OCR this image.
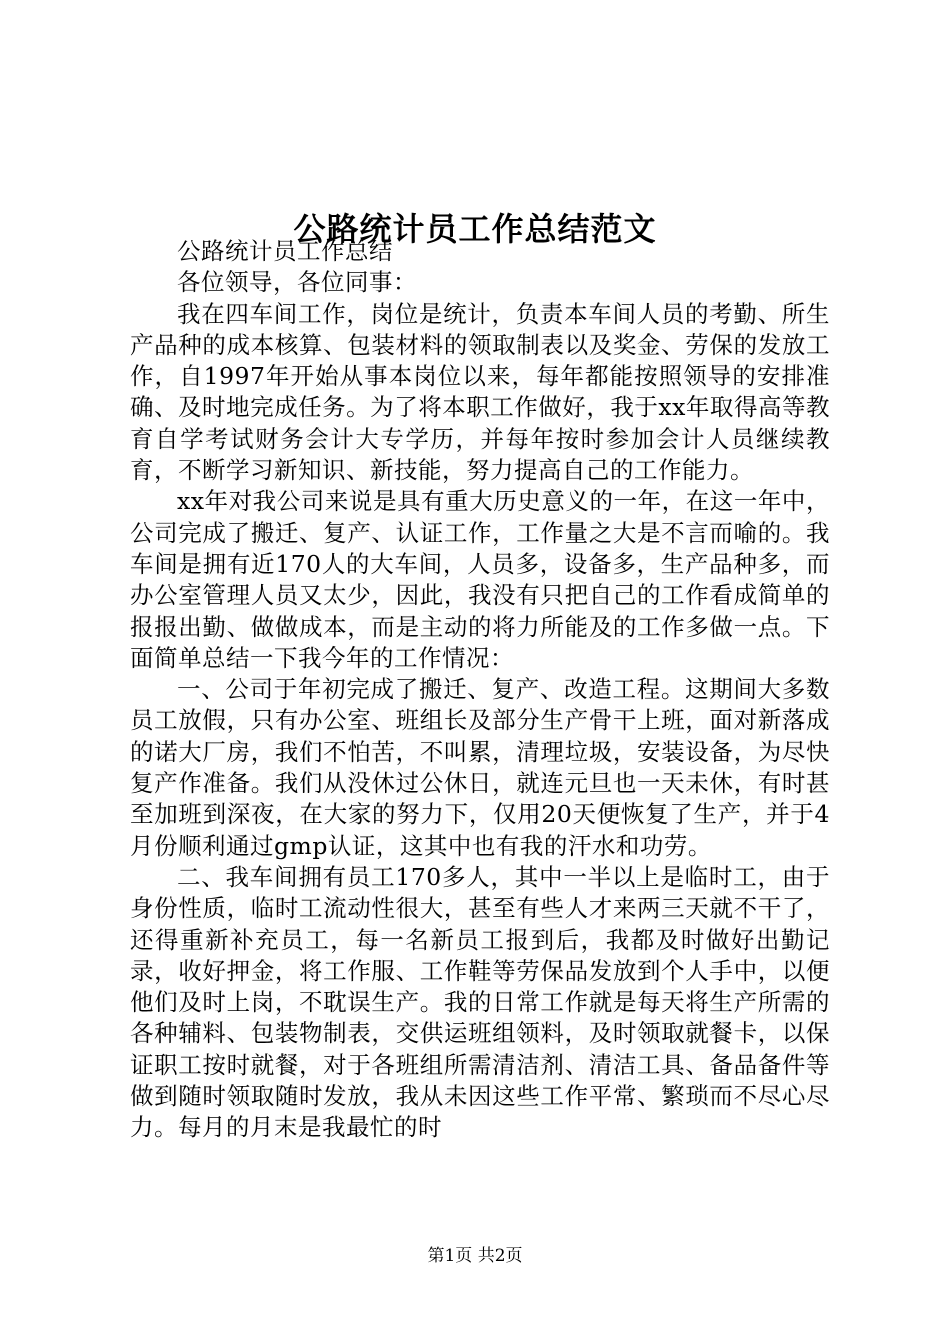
公路统计员工作总结范文

公路统计员工作总结

各位领导，各位同事：

我在四车间工作，岗位是统计，负责本车间人员的考勤、所生产品种的成本核算、包装材料的领取制表以及奖金、劳保的发放工作，自1997年开始从事本岗位以来，每年都能按照领导的安排准确、及时地完成任务。为了将本职工作做好，我于xx年取得高等教育自学考试财务会计大专学历，并每年按时参加会计人员继续教育，不断学习新知识、新技能，努力提高自己的工作能力。

xx年对我公司来说是具有重大历史意义的一年，在这一年中，公司完成了搬迁、复产、认证工作，工作量之大是不言而喻的。我车间是拥有近170人的大车间，人员多，设备多，生产品种多，而办公室管理人员又太少，因此，我没有只把自己的工作看成简单的报报出勤、做做成本，而是主动的将力所能及的工作多做一点。下面简单总结一下我今年的工作情况：

一、公司于年初完成了搬迁、复产、改造工程。这期间大多数员工放假，只有办公室、班组长及部分生产骨干上班，面对新落成的诺大厂房，我们不怕苦，不叫累，清理垃圾，安装设备，为尽快复产作准备。我们从没休过公休日，就连元旦也一天未休，有时甚至加班到深夜，在大家的努力下，仅用20天便恢复了生产，并于4月份顺利通过gmp认证，这其中也有我的汗水和功劳。

二、我车间拥有员工170多人，其中一半以上是临时工，由于身份性质，临时工流动性很大，甚至有些人才来两三天就不干了，还得重新补充员工，每一名新员工报到后，我都及时做好出勤记录，收好押金，将工作服、工作鞋等劳保品发放到个人手中，以便他们及时上岗，不耽误生产。我的日常工作就是每天将生产所需的各种辅料、包装物制表，交供运班组领料，及时领取就餐卡，以保证职工按时就餐，对于各班组所需清洁剂、清洁工具、备品备件等做到随时领取随时发放，我从未因这些工作平常、繁琐而不尽心尽力。每月的月末是我最忙的时

第1页 共2页
